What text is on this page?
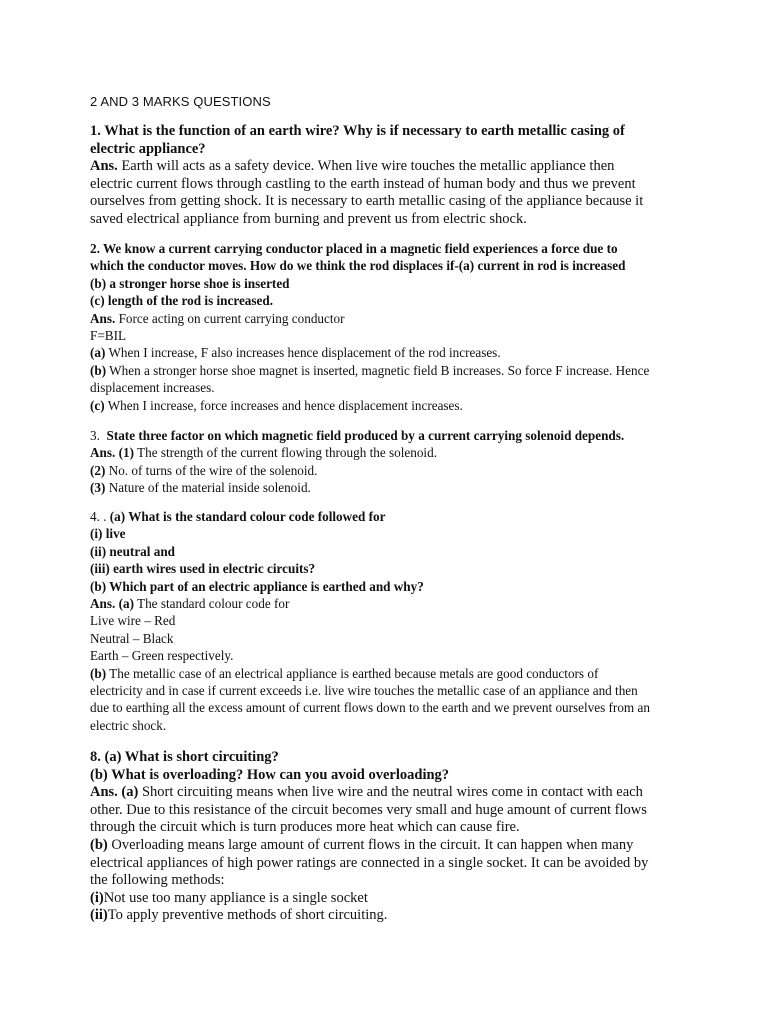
2 AND 3 MARKS QUESTIONS
1. What is the function of an earth wire? Why is if necessary to earth metallic casing of
electric appliance?
Ans. Earth will acts as a safety device. When live wire touches the metallic appliance then
electric current flows through castling to the earth instead of human body and thus we prevent
ourselves from getting shock. It is necessary to earth metallic casing of the appliance because it
saved electrical appliance from burning and prevent us from electric shock.
2. We know a current carrying conductor placed in a magnetic field experiences a force due to
which the conductor moves. How do we think the rod displaces if-(a) current in rod is increased
(b) a stronger horse shoe is inserted
(c) length of the rod is increased.
Ans. Force acting on current carrying conductor
F=BIL
(a) When I increase, F also increases hence displacement of the rod increases.
(b) When a stronger horse shoe magnet is inserted, magnetic field B increases. So force F increase. Hence
displacement increases.
(c) When I increase, force increases and hence displacement increases.
3. State three factor on which magnetic field produced by a current carrying solenoid depends.
Ans. (1) The strength of the current flowing through the solenoid.
(2) No. of turns of the wire of the solenoid.
(3) Nature of the material inside solenoid.
4. . (a) What is the standard colour code followed for
(i) live
(ii) neutral and
(iii) earth wires used in electric circuits?
(b) Which part of an electric appliance is earthed and why?
Ans. (a) The standard colour code for
Live wire – Red
Neutral – Black
Earth – Green respectively.
(b) The metallic case of an electrical appliance is earthed because metals are good conductors of
electricity and in case if current exceeds i.e. live wire touches the metallic case of an appliance and then
due to earthing all the excess amount of current flows down to the earth and we prevent ourselves from an
electric shock.
8. (a) What is short circuiting?
(b) What is overloading? How can you avoid overloading?
Ans. (a) Short circuiting means when live wire and the neutral wires come in contact with each
other. Due to this resistance of the circuit becomes very small and huge amount of current flows
through the circuit which is turn produces more heat which can cause fire.
(b) Overloading means large amount of current flows in the circuit. It can happen when many
electrical appliances of high power ratings are connected in a single socket. It can be avoided by
the following methods:
(i)Not use too many appliance is a single socket
(ii)To apply preventive methods of short circuiting.
